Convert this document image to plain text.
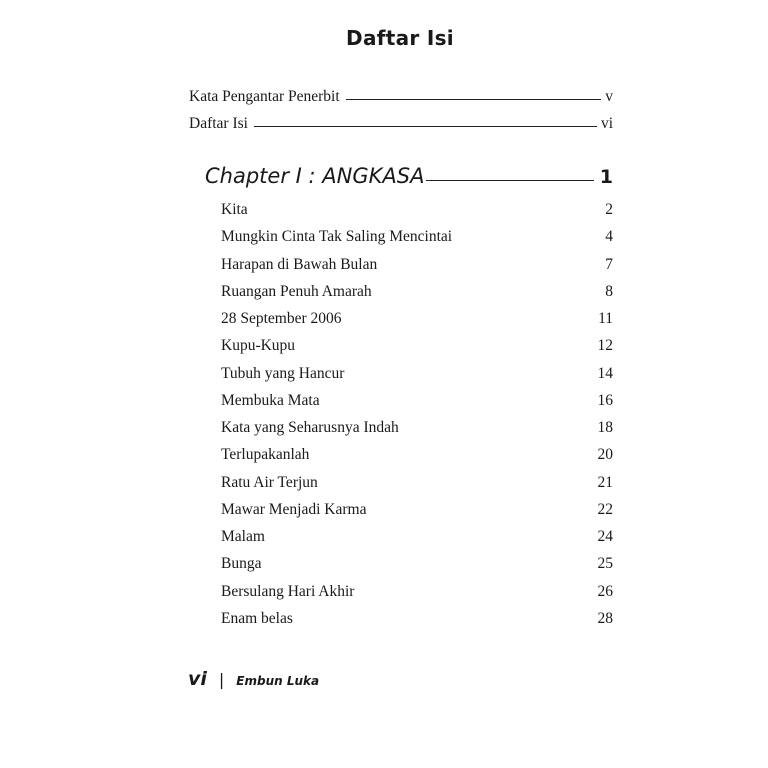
Daftar Isi
Kata Pengantar Penerbit	v
Daftar Isi	vi
Chapter I : ANGKASA	1
Kita	2
Mungkin Cinta Tak Saling Mencintai	4
Harapan di Bawah Bulan	7
Ruangan Penuh Amarah	8
28 September 2006	11
Kupu-Kupu	12
Tubuh yang Hancur	14
Membuka Mata	16
Kata yang Seharusnya Indah	18
Terlupakanlah	20
Ratu Air Terjun	21
Mawar Menjadi Karma	22
Malam	24
Bunga	25
Bersulang Hari Akhir	26
Enam belas	28
vi | Embun Luka
